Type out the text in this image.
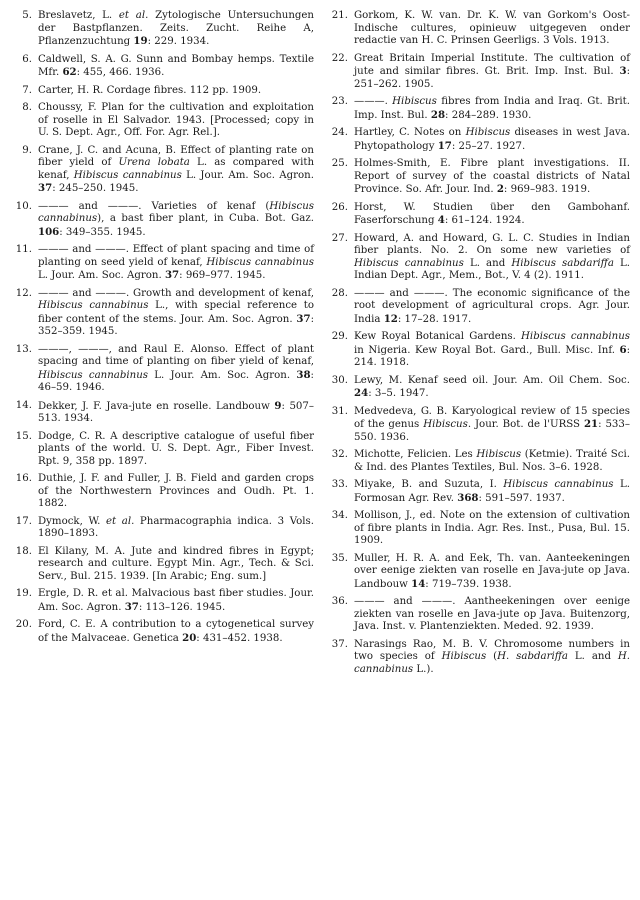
5. Breslavetz, L. et al. Zytologische Untersuchungen der Bastpflanzen. Zeits. Zucht. Reihe A, Pflanzenzuchtung 19: 229. 1934.
6. Caldwell, S. A. G. Sunn and Bombay hemps. Textile Mfr. 62: 455, 466. 1936.
7. Carter, H. R. Cordage fibres. 112 pp. 1909.
8. Choussy, F. Plan for the cultivation and exploitation of roselle in El Salvador. 1943. [Processed; copy in U. S. Dept. Agr., Off. For. Agr. Rel.].
9. Crane, J. C. and Acuna, B. Effect of planting rate on fiber yield of Urena lobata L. as compared with kenaf, Hibiscus cannabinus L. Jour. Am. Soc. Agron. 37: 245–250. 1945.
10. ——— and ———. Varieties of kenaf (Hibiscus cannabinus), a bast fiber plant, in Cuba. Bot. Gaz. 106: 349–355. 1945.
11. ——— and ———. Effect of plant spacing and time of planting on seed yield of kenaf, Hibiscus cannabinus L. Jour. Am. Soc. Agron. 37: 969–977. 1945.
12. ——— and ———. Growth and development of kenaf, Hibiscus cannabinus L., with special reference to fiber content of the stems. Jour. Am. Soc. Agron. 37: 352–359. 1945.
13. ———, ———, and Raul E. Alonso. Effect of plant spacing and time of planting on fiber yield of kenaf, Hibiscus cannabinus L. Jour. Am. Soc. Agron. 38: 46–59. 1946.
14. Dekker, J. F. Java-jute en roselle. Landbouw 9: 507–513. 1934.
15. Dodge, C. R. A descriptive catalogue of useful fiber plants of the world. U. S. Dept. Agr., Fiber Invest. Rpt. 9, 358 pp. 1897.
16. Duthie, J. F. and Fuller, J. B. Field and garden crops of the Northwestern Provinces and Oudh. Pt. 1. 1882.
17. Dymock, W. et al. Pharmacographia indica. 3 Vols. 1890–1893.
18. El Kilany, M. A. Jute and kindred fibres in Egypt; research and culture. Egypt Min. Agr., Tech. & Sci. Serv., Bul. 215. 1939. [In Arabic; Eng. sum.]
19. Ergle, D. R. et al. Malvacious bast fiber studies. Jour. Am. Soc. Agron. 37: 113–126. 1945.
20. Ford, C. E. A contribution to a cytogenetical survey of the Malvaceae. Genetica 20: 431–452. 1938.
21. Gorkom, K. W. van. Dr. K. W. van Gorkom's Oost-Indische cultures, opinieuw uitgegeven onder redactie van H. C. Prinsen Geerligs. 3 Vols. 1913.
22. Great Britain Imperial Institute. The cultivation of jute and similar fibres. Gt. Brit. Imp. Inst. Bul. 3: 251–262. 1905.
23. ———. Hibiscus fibres from India and Iraq. Gt. Brit. Imp. Inst. Bul. 28: 284–289. 1930.
24. Hartley, C. Notes on Hibiscus diseases in west Java. Phytopathology 17: 25–27. 1927.
25. Holmes-Smith, E. Fibre plant investigations. II. Report of survey of the coastal districts of Natal Province. So. Afr. Jour. Ind. 2: 969–983. 1919.
26. Horst, W. Studien über den Gambohanf. Faserforschung 4: 61–124. 1924.
27. Howard, A. and Howard, G. L. C. Studies in Indian fiber plants. No. 2. On some new varieties of Hibiscus cannabinus L. and Hibiscus sabdariffa L. Indian Dept. Agr., Mem., Bot., V. 4 (2). 1911.
28. ——— and ———. The economic significance of the root development of agricultural crops. Agr. Jour. India 12: 17–28. 1917.
29. Kew Royal Botanical Gardens. Hibiscus cannabinus in Nigeria. Kew Royal Bot. Gard., Bull. Misc. Inf. 6: 214. 1918.
30. Lewy, M. Kenaf seed oil. Jour. Am. Oil Chem. Soc. 24: 3–5. 1947.
31. Medvedeva, G. B. Karyological review of 15 species of the genus Hibiscus. Jour. Bot. de l'URSS 21: 533–550. 1936.
32. Michotte, Felicien. Les Hibiscus (Ketmie). Traité Sci. & Ind. des Plantes Textiles, Bul. Nos. 3–6. 1928.
33. Miyake, B. and Suzuta, I. Hibiscus cannabinus L. Formosan Agr. Rev. 368: 591–597. 1937.
34. Mollison, J., ed. Note on the extension of cultivation of fibre plants in India. Agr. Res. Inst., Pusa, Bul. 15. 1909.
35. Muller, H. R. A. and Eek, Th. van. Aanteekeningen over eenige ziekten van roselle en Java-jute op Java. Landbouw 14: 719–739. 1938.
36. ——— and ———. Aantheekeningen over eenige ziekten van roselle en Java-jute op Java. Buitenzorg, Java. Inst. v. Plantenziekten. Meded. 92. 1939.
37. Narasings Rao, M. B. V. Chromosome numbers in two species of Hibiscus (H. sabdariffa L. and H. cannabinus L.).
